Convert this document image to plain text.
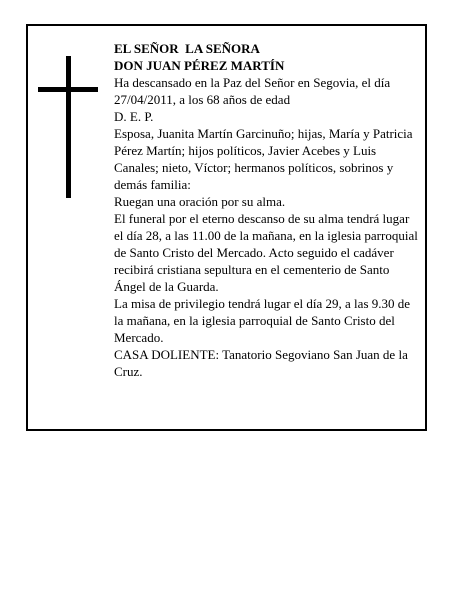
EL SEÑOR  LA SEÑORA

DON JUAN PÉREZ MARTÍN

Ha descansado en la Paz del Señor en Segovia, el día 27/04/2011, a los 68 años de edad

D. E. P.

Esposa, Juanita Martín Garcinuño; hijas, María y Patricia Pérez Martín; hijos políticos, Javier Acebes y Luis Canales; nieto, Víctor; hermanos políticos, sobrinos y demás familia:

Ruegan una oración por su alma.

El funeral por el eterno descanso de su alma tendrá lugar el día 28, a las 11.00 de la mañana, en la iglesia parroquial de Santo Cristo del Mercado. Acto seguido el cadáver recibirá cristiana sepultura en el cementerio de Santo Ángel de la Guarda.

La misa de privilegio tendrá lugar el día 29, a las 9.30 de la mañana, en la iglesia parroquial de Santo Cristo del Mercado.

CASA DOLIENTE: Tanatorio Segoviano San Juan de la Cruz.
